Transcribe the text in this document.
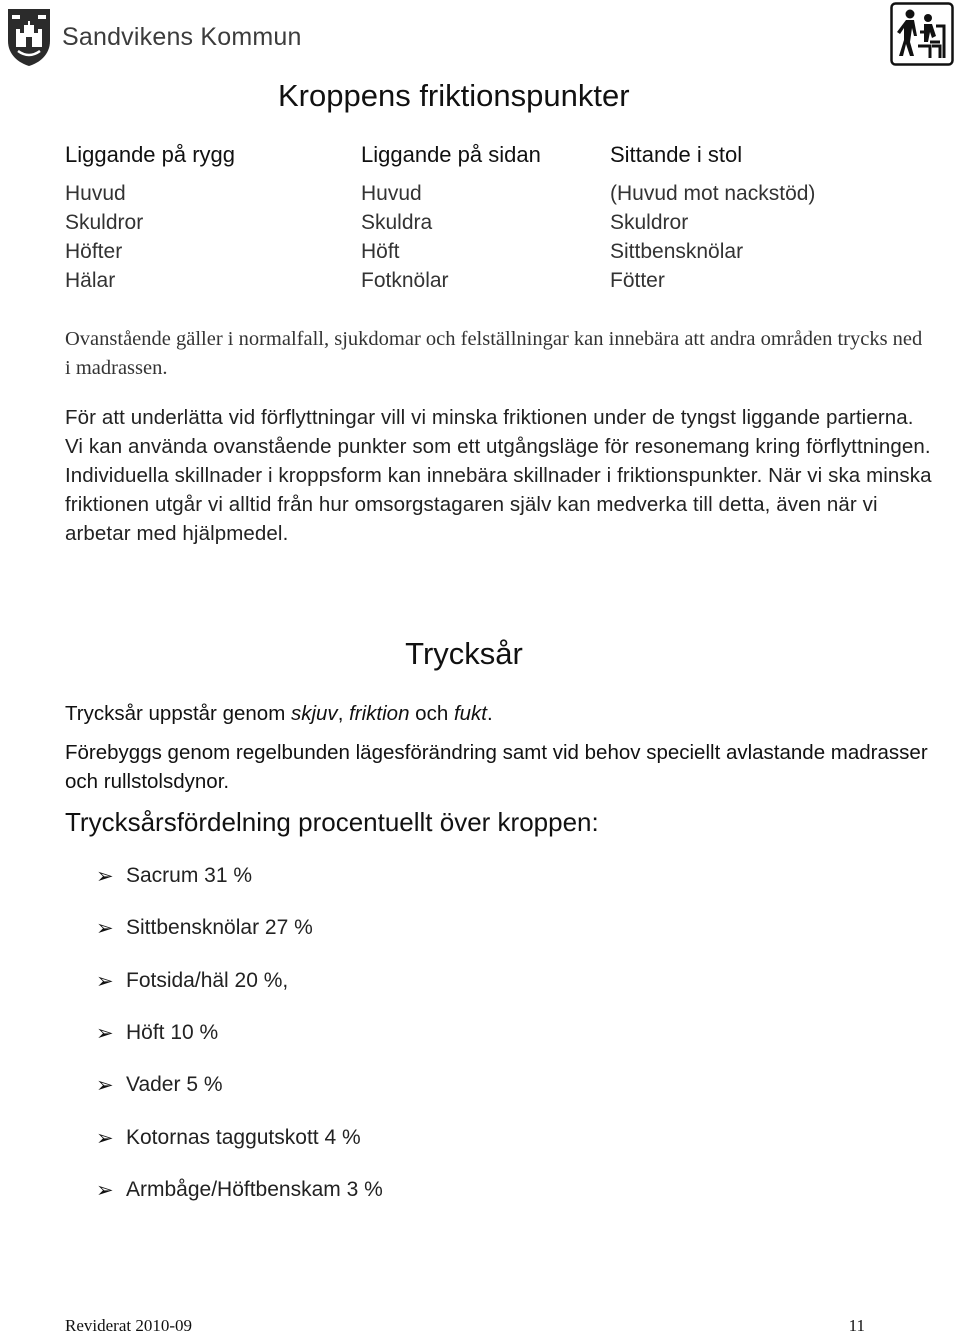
Sandvikens Kommun
Kroppens friktionspunkter
Liggande på rygg
Huvud
Skuldror
Höfter
Hälar
Liggande på sidan
Huvud
Skuldra
Höft
Fotknölar
Sittande i stol
(Huvud mot nackstöd)
Skuldror
Sittbensknölar
Fötter

Ovanstående gäller i normalfall, sjukdomar och felställningar kan innebära att andra områden trycks ned i madrassen.

För att underlätta vid förflyttningar vill vi minska friktionen under de tyngst liggande partierna. Vi kan använda ovanstående punkter som ett utgångsläge för resonemang kring förflyttningen. Individuella skillnader i kroppsform kan innebära skillnader i friktionspunkter. När vi ska minska friktionen utgår vi alltid från hur omsorgstagaren själv kan medverka till detta, även när vi arbetar med hjälpmedel.

Trycksår
Trycksår uppstår genom skjuv, friktion och fukt.

Förebyggs genom regelbunden lägesförändring samt vid behov speciellt avlastande madrasser och rullstolsdynor.

Trycksårsfördelning procentuellt över kroppen:
➢ Sacrum 31 %
➢ Sittbensknölar 27 %
➢ Fotsida/häl 20 %,
➢ Höft 10 %
➢ Vader 5 %
➢ Kotornas taggutskott 4 %
➢ Armbåge/Höftbenskam 3 %
Reviderat 2010-09	11
